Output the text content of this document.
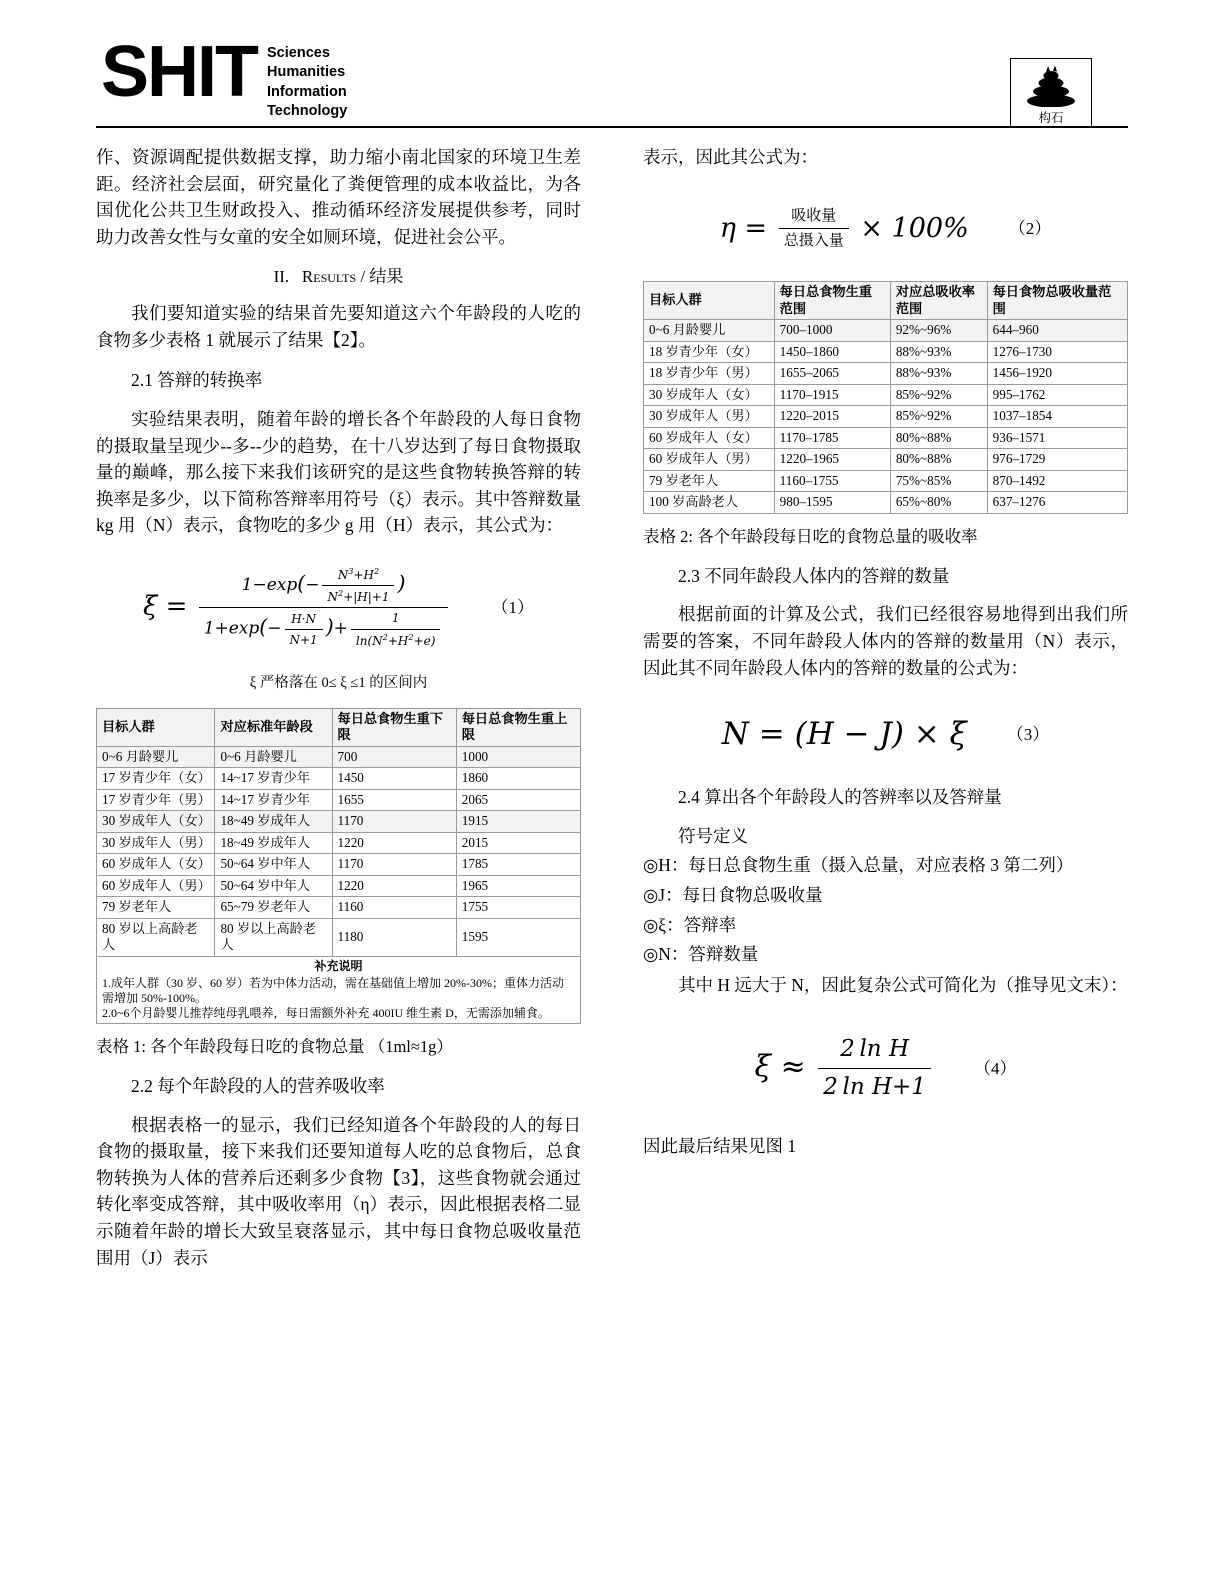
SHIT Sciences
Humanities
Information
Technology	构石

作、资源调配提供数据支撑，助力缩小南北国家的环境卫生差距。经济社会层面，研究量化了粪便管理的成本收益比，为各国优化公共卫生财政投入、推动循环经济发展提供参考，同时助力改善女性与女童的安全如厕环境，促进社会公平。

II. Results / 结果

我们要知道实验的结果首先要知道这六个年龄段的人吃的食物多少表格 1 就展示了结果【2】。

2.1 答辩的转换率

实验结果表明，随着年龄的增长各个年龄段的人每日食物的摄取量呈现少--多--少的趋势，在十八岁达到了每日食物摄取量的巅峰，那么接下来我们该研究的是这些食物转换答辩的转换率是多少，以下简称答辩率用符号（ξ）表示。其中答辩数量 kg 用（N）表示，食物吃的多少 g 用（H）表示，其公式为：

$\xi = \frac{1-\exp(- \frac{N^3+H^2}{N^2+|H|+1} )}{1+\exp(- \frac{H\cdot N}{N+1} )+ \frac{1}{\ln(N^2+H^2+e)}}$	（1）
ξ 严格落在 0≤ ξ ≤1 的区间内
目标人群	对应标准年龄段	每日总食物生重下限	每日总食物生重上限
0~6 月龄婴儿	0~6 月龄婴儿	700	1000
17 岁青少年（女）	14~17 岁青少年	1450	1860
17 岁青少年（男）	14~17 岁青少年	1655	2065
30 岁成年人（女）	18~49 岁成年人	1170	1915
30 岁成年人（男）	18~49 岁成年人	1220	2015
60 岁成年人（女）	50~64 岁中年人	1170	1785
60 岁成年人（男）	50~64 岁中年人	1220	1965
79 岁老年人	65~79 岁老年人	1160	1755
80 岁以上高龄老人	80 岁以上高龄老人	1180	1595

补充说明
1.成年人群（30 岁、60 岁）若为中体力活动，需在基础值上增加 20%-30%；重体力活动需增加 50%-100%。
2.0~6个月龄婴儿推荐纯母乳喂养，每日需额外补充 400IU 维生素 D，无需添加辅食。			
表格 1: 各个年龄段每日吃的食物总量 （1ml≈1g）

2.2 每个年龄段的人的营养吸收率

根据表格一的显示，我们已经知道各个年龄段的人的每日食物的摄取量，接下来我们还要知道每人吃的总食物后，总食物转换为人体的营养后还剩多少食物【3】，这些食物就会通过转化率变成答辩，其中吸收率用（η）表示，因此根据表格二显示随着年龄的增长大致呈衰落显示，其中每日食物总吸收量范围用（J）表示

表示，因此其公式为：

$\eta = \frac{\text{吸收量}}{\text{总摄入量}} \times 100\%$ （2）
目标人群	每日总食物生重范围	对应总吸收率范围	每日食物总吸收量范围
0~6 月龄婴儿	700–1000	92%~96%	644–960
18 岁青少年（女）	1450–1860	88%~93%	1276–1730
18 岁青少年（男）	1655–2065	88%~93%	1456–1920
30 岁成年人（女）	1170–1915	85%~92%	995–1762
30 岁成年人（男）	1220–2015	85%~92%	1037–1854
60 岁成年人（女）	1170–1785	80%~88%	936–1571
60 岁成年人（男）	1220–1965	80%~88%	976–1729
79 岁老年人	1160–1755	75%~85%	870–1492
100 岁高龄老人	980–1595	65%~80%	637–1276
表格 2: 各个年龄段每日吃的食物总量的吸收率

2.3 不同年龄段人体内的答辩的数量

根据前面的计算及公式，我们已经很容易地得到出我们所需要的答案，不同年龄段人体内的答辩的数量用（N）表示，因此其不同年龄段人体内的答辩的数量的公式为：

N = (H − J) × ξ （3）

2.4 算出各个年龄段人的答辨率以及答辩量

符号定义
◎H：每日总食物生重（摄入总量，对应表格 3 第二列）
◎J：每日食物总吸收量
◎ξ：答辩率
◎N：答辩数量

其中 H 远大于 N，因此复杂公式可简化为（推导见文末）：

$\xi \approx \frac{\text{2 ln H}}{\text{2 ln H+1}}$	（4）

因此最后结果见图 1
